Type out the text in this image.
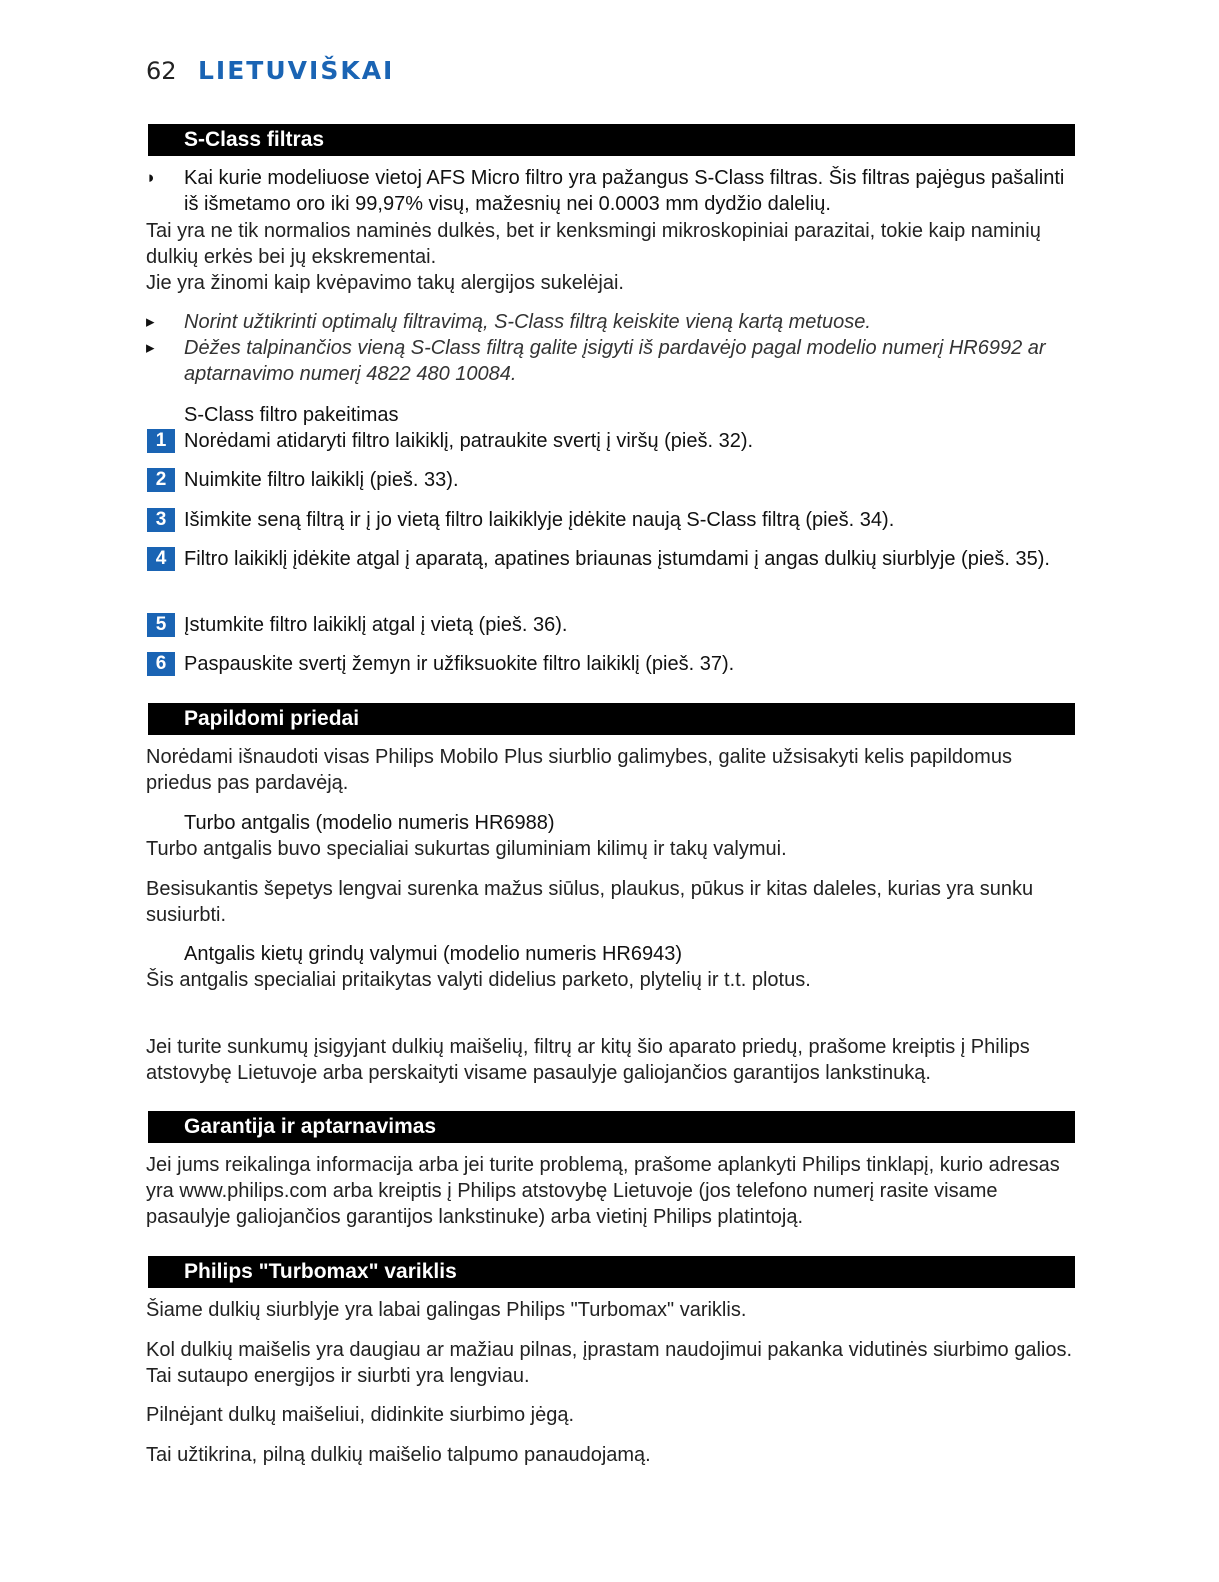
62 LIETUVIŠKAI
S-Class filtras
◗ Kai kurie modeliuose vietoj AFS Micro filtro yra pažangus S-Class filtras. Šis filtras pajėgus pašalinti iš išmetamo oro iki 99,97% visų, mažesnių nei 0.0003 mm dydžio dalelių.
Tai yra ne tik normalios naminės dulkės, bet ir kenksmingi mikroskopiniai parazitai, tokie kaip naminių dulkių erkės bei jų ekskrementai.
Jie yra žinomi kaip kvėpavimo takų alergijos sukelėjai.
▸ Norint užtikrinti optimalų filtravimą, S-Class filtrą keiskite vieną kartą metuose.
▸ Dėžes talpinančios vieną S-Class filtrą galite įsigyti iš pardavėjo pagal modelio numerį HR6992 ar aptarnavimo numerį 4822 480 10084.
S-Class filtro pakeitimas
1 Norėdami atidaryti filtro laikiklį, patraukite svertį į viršų (pieš. 32).
2 Nuimkite filtro laikiklį (pieš. 33).
3 Išimkite seną filtrą ir į jo vietą filtro laikiklyje įdėkite naują S-Class filtrą (pieš. 34).
4 Filtro laikiklį įdėkite atgal į aparatą, apatines briaunas įstumdami į angas dulkių siurblyje (pieš. 35).
5 Įstumkite filtro laikiklį atgal į vietą (pieš. 36).
6 Paspauskite svertį žemyn ir užfiksuokite filtro laikiklį (pieš. 37).
Papildomi priedai
Norėdami išnaudoti visas Philips Mobilo Plus siurblio galimybes, galite užsisakyti kelis papildomus priedus pas pardavėją.
Turbo antgalis (modelio numeris HR6988)
Turbo antgalis buvo specialiai sukurtas giluminiam kilimų ir takų valymui.
Besisukantis šepetys lengvai surenka mažus siūlus, plaukus, pūkus ir kitas daleles, kurias yra sunku susiurbti.
Antgalis kietų grindų valymui (modelio numeris HR6943)
Šis antgalis specialiai pritaikytas valyti didelius parketo, plytelių ir t.t. plotus.
Jei turite sunkumų įsigyjant dulkių maišelių, filtrų ar kitų šio aparato priedų, prašome kreiptis į Philips atstovybę Lietuvoje arba perskaityti visame pasaulyje galiojančios garantijos lankstinuką.
Garantija ir aptarnavimas
Jei jums reikalinga informacija arba jei turite problemą, prašome aplankyti Philips tinklapį, kurio adresas yra www.philips.com arba kreiptis į Philips atstovybę Lietuvoje (jos telefono numerį rasite visame pasaulyje galiojančios garantijos lankstinuke) arba vietinį Philips platintoją.
Philips "Turbomax" variklis
Šiame dulkių siurblyje yra labai galingas Philips "Turbomax" variklis.
Kol dulkių maišelis yra daugiau ar mažiau pilnas, įprastam naudojimui pakanka vidutinės siurbimo galios. Tai sutaupo energijos ir siurbti yra lengviau.
Pilnėjant dulkų maišeliui, didinkite siurbimo jėgą.
Tai užtikrina, pilną dulkių maišelio talpumo panaudojamą.
